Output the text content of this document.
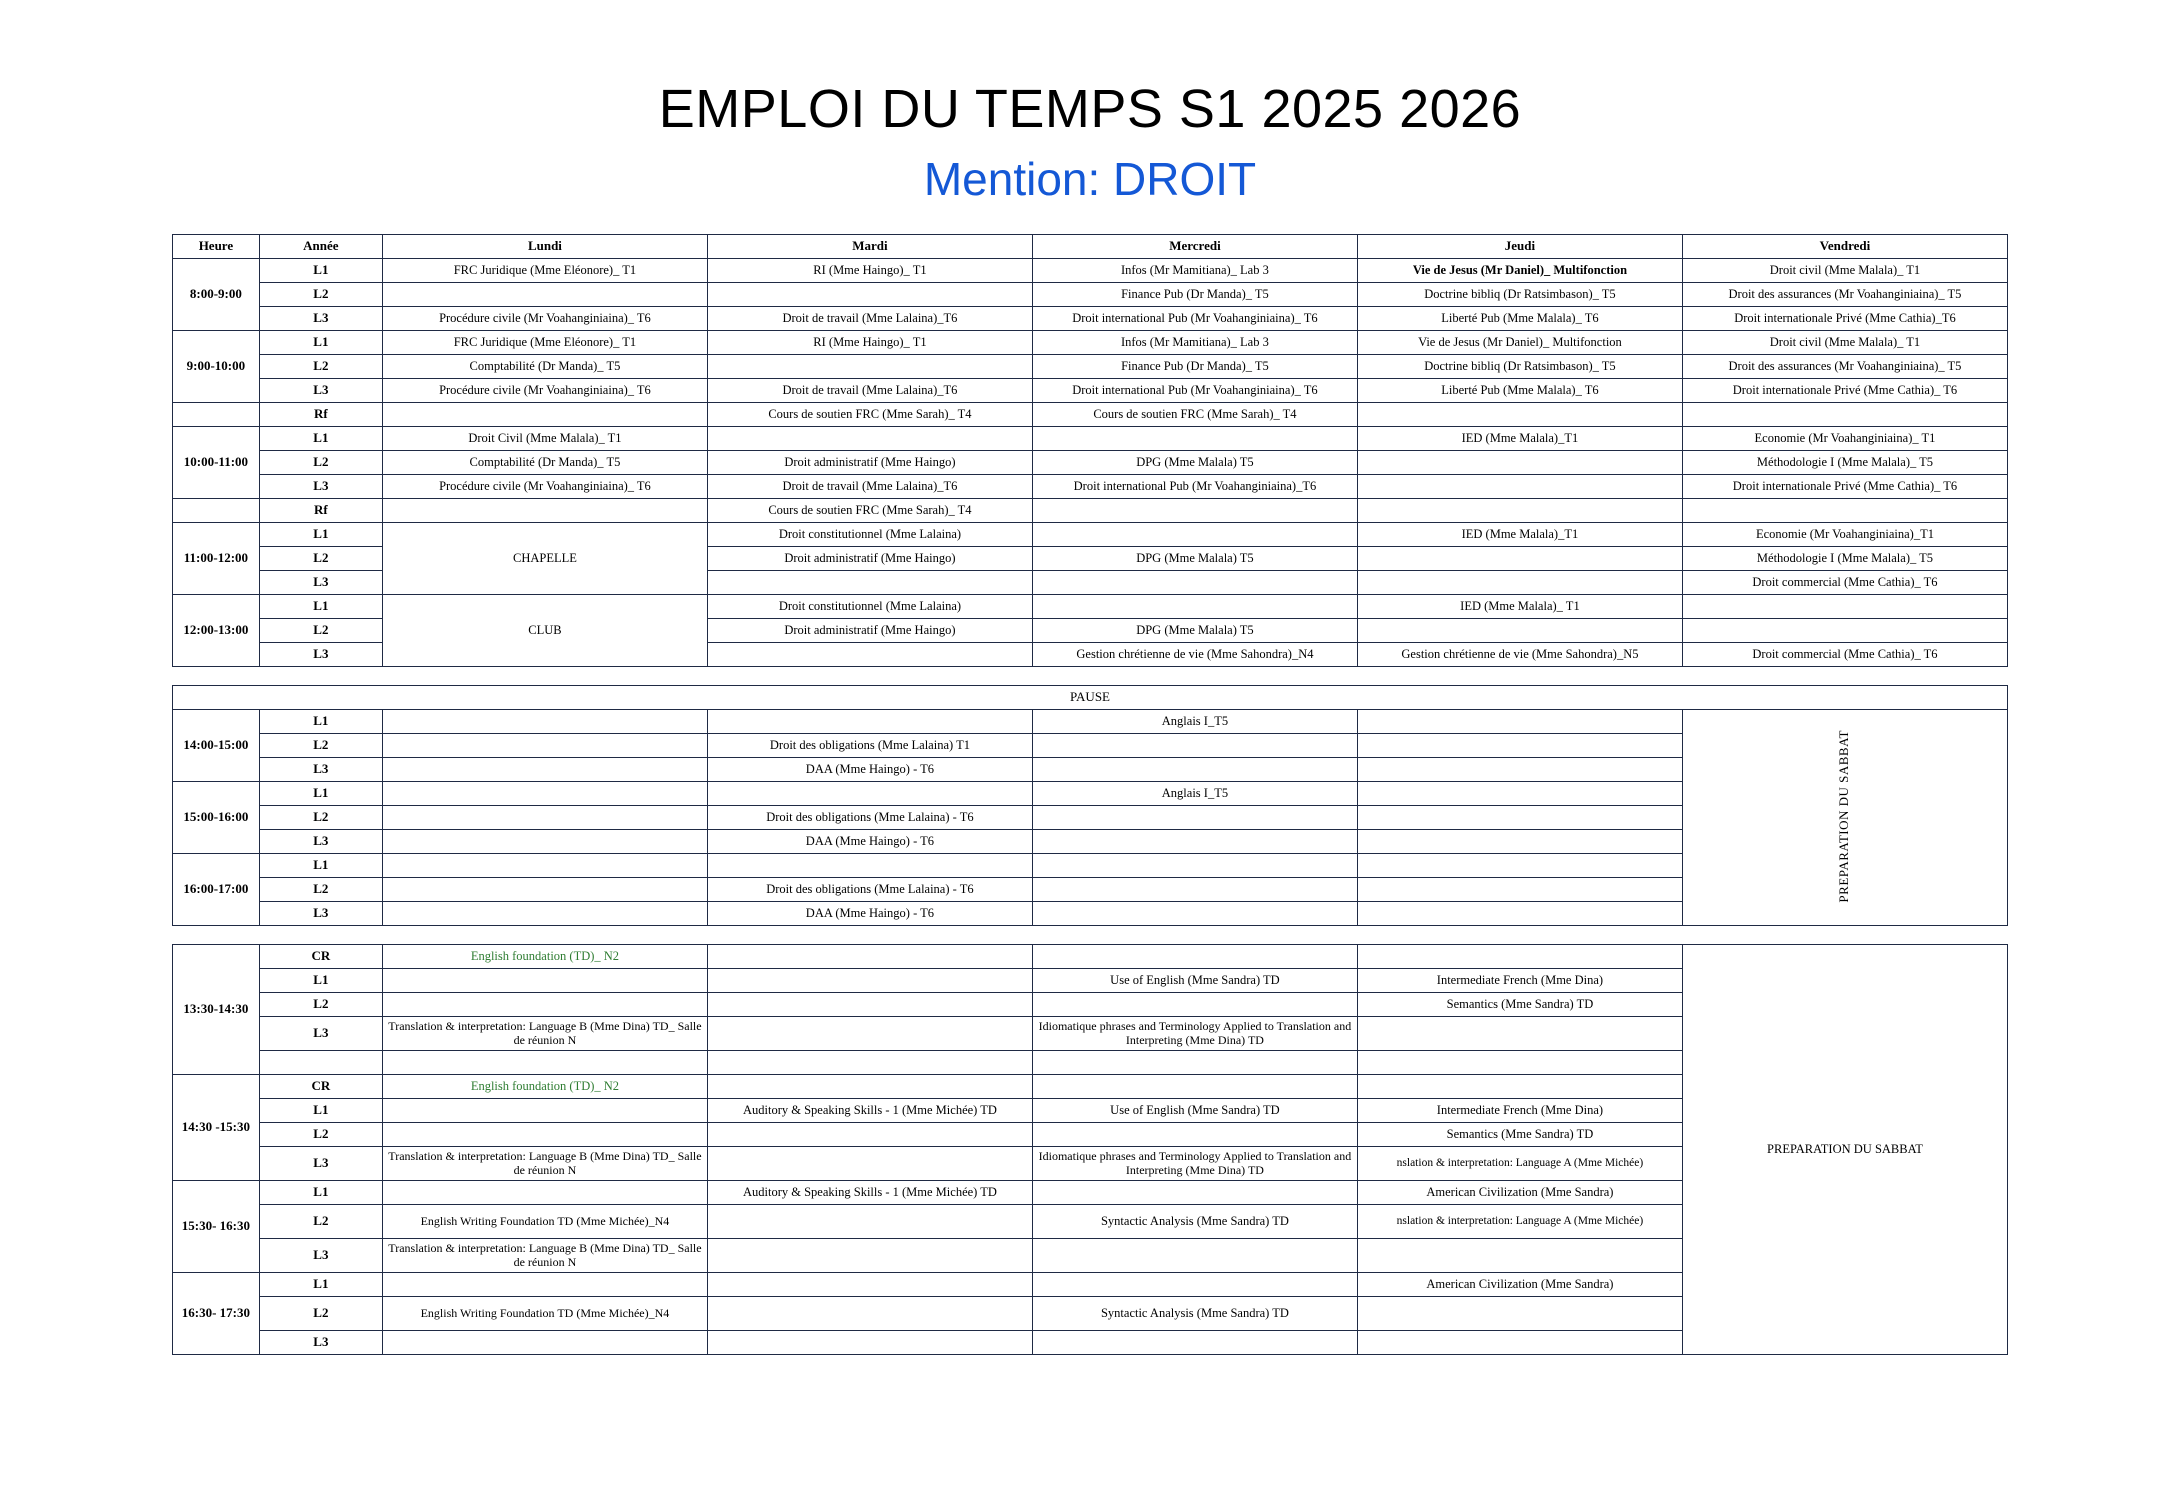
EMPLOI DU TEMPS S1 2025 2026
Mention: DROIT
Heure	Année	Lundi	Mardi	Mercredi	Jeudi	Vendredi
8:00-9:00	L1	FRC Juridique (Mme Eléonore)_ T1	RI (Mme Haingo)_ T1	Infos (Mr Mamitiana)_ Lab 3	Vie de Jesus (Mr Daniel)_ Multifonction	Droit civil (Mme Malala)_ T1
	L2			Finance Pub (Dr Manda)_ T5	Doctrine bibliq (Dr Ratsimbason)_ T5	Droit des assurances (Mr Voahanginiaina)_ T5
	L3	Procédure civile (Mr Voahanginiaina)_ T6	Droit de travail (Mme Lalaina)_T6	Droit international Pub (Mr Voahanginiaina)_ T6	Liberté Pub (Mme Malala)_ T6	Droit internationale Privé (Mme Cathia)_T6
9:00-10:00	L1	FRC Juridique (Mme Eléonore)_ T1	RI (Mme Haingo)_ T1	Infos (Mr Mamitiana)_ Lab 3	Vie de Jesus (Mr Daniel)_ Multifonction	Droit civil (Mme Malala)_ T1
	L2	Comptabilité (Dr Manda)_ T5		Finance Pub (Dr Manda)_ T5	Doctrine bibliq (Dr Ratsimbason)_ T5	Droit des assurances (Mr Voahanginiaina)_ T5
	L3	Procédure civile (Mr Voahanginiaina)_ T6	Droit de travail (Mme Lalaina)_T6	Droit international Pub (Mr Voahanginiaina)_ T6	Liberté Pub (Mme Malala)_ T6	Droit internationale Privé (Mme Cathia)_ T6
	Rf		Cours de soutien FRC (Mme Sarah)_ T4	Cours de soutien FRC (Mme Sarah)_ T4		
10:00-11:00	L1	Droit Civil (Mme Malala)_ T1			IED (Mme Malala)_T1	Economie (Mr Voahanginiaina)_ T1
	L2	Comptabilité (Dr Manda)_ T5	Droit administratif (Mme Haingo)	DPG (Mme Malala) T5		Méthodologie I (Mme Malala)_ T5
	L3	Procédure civile (Mr Voahanginiaina)_ T6	Droit de travail (Mme Lalaina)_T6	Droit international Pub (Mr Voahanginiaina)_T6		Droit internationale Privé (Mme Cathia)_ T6
	Rf		Cours de soutien FRC (Mme Sarah)_ T4			
11:00-12:00	L1	CHAPELLE	Droit constitutionnel (Mme Lalaina)		IED (Mme Malala)_T1	Economie (Mr Voahanginiaina)_T1
	L2		Droit administratif (Mme Haingo)	DPG (Mme Malala) T5		Méthodologie I (Mme Malala)_ T5
	L3					Droit commercial (Mme Cathia)_ T6
12:00-13:00	L1	CLUB	Droit constitutionnel (Mme Lalaina)		IED (Mme Malala)_ T1	
	L2		Droit administratif (Mme Haingo)	DPG (Mme Malala) T5		
	L3			Gestion chrétienne de vie (Mme Sahondra)_N4	Gestion chrétienne de vie (Mme Sahondra)_N5	Droit commercial (Mme Cathia)_ T6
PAUSE						
14:00-15:00	L1			Anglais I_T5		PREPARATION DU SABBAT
	L2		Droit des obligations (Mme Lalaina) T1			
	L3		DAA (Mme Haingo) - T6			
15:00-16:00	L1			Anglais I_T5		
	L2		Droit des obligations (Mme Lalaina) - T6			
	L3		DAA (Mme Haingo) - T6			
16:00-17:00	L1					
	L2		Droit des obligations (Mme Lalaina) - T6			
	L3		DAA (Mme Haingo) - T6			
13:30-14:30	CR	English foundation (TD)_ N2				PREPARATION DU SABBAT
	L1			Use of English (Mme Sandra) TD	Intermediate French (Mme Dina)	
	L2				Semantics (Mme Sandra) TD	
	L3	Translation & interpretation: Language B (Mme Dina) TD_ Salle de réunion N		Idiomatique phrases and Terminology Applied to Translation and Interpreting (Mme Dina) TD		

14:30 -15:30	CR	English foundation (TD)_ N2				
	L1		Auditory & Speaking Skills - 1 (Mme Michée) TD	Use of English (Mme Sandra) TD	Intermediate French (Mme Dina)	
	L2				Semantics (Mme Sandra) TD	
	L3	Translation & interpretation: Language B (Mme Dina) TD_ Salle de réunion N		Idiomatique phrases and Terminology Applied to Translation and Interpreting (Mme Dina) TD	nslation & interpretation: Language A (Mme Michée)	
15:30- 16:30	L1		Auditory & Speaking Skills - 1 (Mme Michée) TD		American Civilization (Mme Sandra)	
	L2	English Writing Foundation TD (Mme Michée)_N4		Syntactic Analysis (Mme Sandra) TD	nslation & interpretation: Language A (Mme Michée)	
	L3	Translation & interpretation: Language B (Mme Dina) TD_ Salle de réunion N				
16:30- 17:30	L1				American Civilization (Mme Sandra)	
	L2	English Writing Foundation TD (Mme Michée)_N4		Syntactic Analysis (Mme Sandra) TD		
	L3					
